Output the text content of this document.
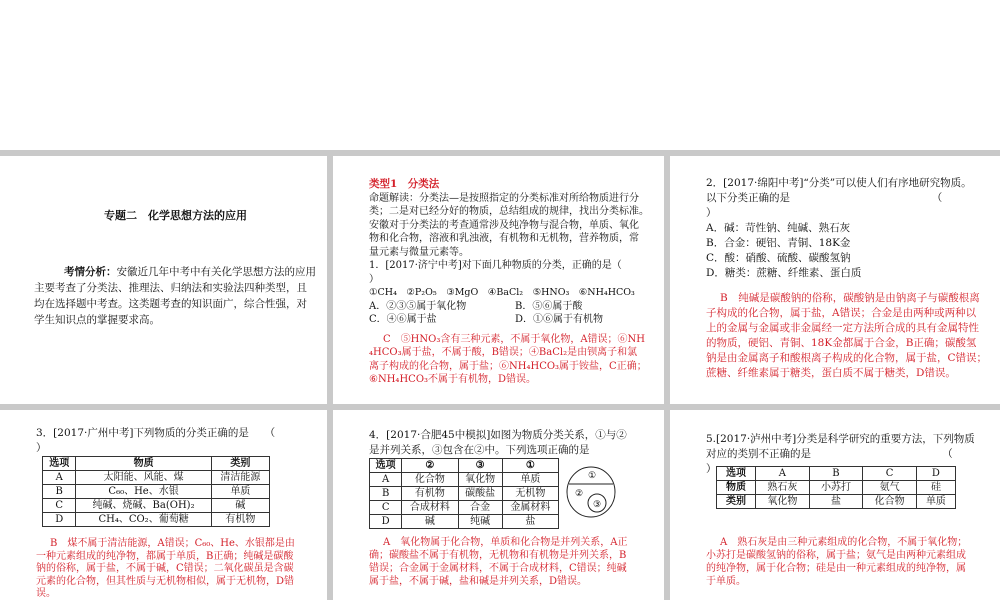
专题二　化学思想方法的应用

考情分析：安徽近几年中考中有关化学思想方法的应用

主要考查了分类法、推理法、归纳法和实验法四种类型，且

均在选择题中考查。这类题考查的知识面广，综合性强，对

学生知识点的掌握要求高。

类型1　分类法

命题解读：分类法—是按照指定的分类标准对所给物质进行分

类；二是对已经分好的物质，总结组成的规律，找出分类标准。

安徽对于分类法的考查通常涉及纯净物与混合物，单质、氧化

物和化合物，溶液和乳浊液，有机物和无机物，营养物质，常

量元素与微量元素等。

1．[2017·济宁中考]对下面几种物质的分类，正确的是（

）

①CH₄　②P₂O₅　③MgO　④BaCl₂　⑤HNO₃　⑥NH₄HCO₃

A．②③⑤属于氧化物	B．⑤⑥属于酸

C．④⑥属于盐	D．①⑥属于有机物

C　⑤HNO₃含有三种元素，不属于氧化物，A错误；⑥NH

₄HCO₃属于盐，不属于酸，B错误；④BaCl₂是由钡离子和氯

离子构成的化合物，属于盐；⑥NH₄HCO₃属于铵盐，C正确；

⑥NH₄HCO₃不属于有机物，D错误。

2．[2017·绵阳中考]“分类”可以使人们有序地研究物质。

以下分类正确的是　　　　　　　　　　　　　　（

）

A．碱：苛性钠、纯碱、熟石灰

B．合金：硬铝、青铜、18K金

C．酸：硝酸、硫酸、碳酸氢钠

D．糖类：蔗糖、纤维素、蛋白质

B　纯碱是碳酸钠的俗称，碳酸钠是由钠离子与碳酸根离

子构成的化合物，属于盐，A错误；合金是由两种或两种以

上的金属与金属或非金属经一定方法所合成的具有金属特性

的物质，硬铝、青铜、18K金都属于合金，B正确；碳酸氢

钠是由金属离子和酸根离子构成的化合物，属于盐，C错误；

蔗糖、纤维素属于糖类，蛋白质不属于糖类，D错误。

3．[2017·广州中考]下列物质的分类正确的是　　（

）

选项	物质	类别
A	太阳能、风能、煤	清洁能源
B	C₆₀、He、水银	单质
C	纯碱、烧碱、Ba(OH)₂	碱
D	CH₄、CO₂、葡萄糖	有机物

B　煤不属于清洁能源，A错误；C₆₀、He、水银都是由

一种元素组成的纯净物，都属于单质，B正确；纯碱是碳酸

钠的俗称，属于盐，不属于碱，C错误；二氧化碳虽是含碳

元素的化合物，但其性质与无机物相似，属于无机物，D错

误。

4．[2017·合肥45中模拟]如图为物质分类关系，①与②

是并列关系，③包含在②中。下列选项正确的是

选项	②	③	①
A	化合物	氧化物	单质
B	有机物	碳酸盐	无机物
C	合成材料	合金	金属材料
D	碱	纯碱	盐
①
②
③

A　氧化物属于化合物，单质和化合物是并列关系，A正

确；碳酸盐不属于有机物，无机物和有机物是并列关系，B

错误；合金属于金属材料，不属于合成材料，C错误；纯碱

属于盐，不属于碱，盐和碱是并列关系，D错误。

5.[2017·泸州中考]分类是科学研究的重要方法，下列物质

对应的类别不正确的是　　　　　　　　　　　　　（

） 选项	A	B	C	D
物质	熟石灰	小苏打	氨气	硅
类别	氧化物	盐	化合物	单质

A　熟石灰是由三种元素组成的化合物，不属于氧化物；

小苏打是碳酸氢钠的俗称，属于盐；氨气是由两种元素组成

的纯净物，属于化合物；硅是由一种元素组成的纯净物，属

于单质。
